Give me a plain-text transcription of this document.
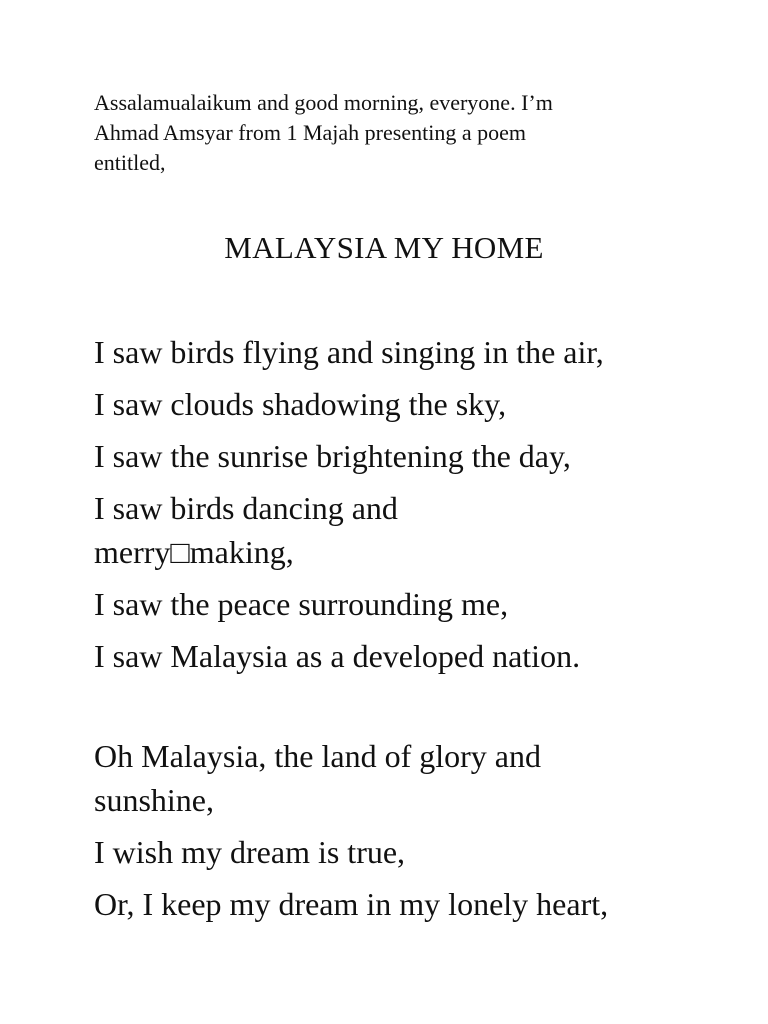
Assalamualaikum and good morning, everyone. I’m
Ahmad Amsyar from 1 Majah presenting a poem
entitled,

MALAYSIA MY HOME
I saw birds flying and singing in the air,
I saw clouds shadowing the sky,
I saw the sunrise brightening the day,
I saw birds dancing and
merry□making,
I saw the peace surrounding me,
I saw Malaysia as a developed nation.
Oh Malaysia, the land of glory and
sunshine,
I wish my dream is true,
Or, I keep my dream in my lonely heart,
